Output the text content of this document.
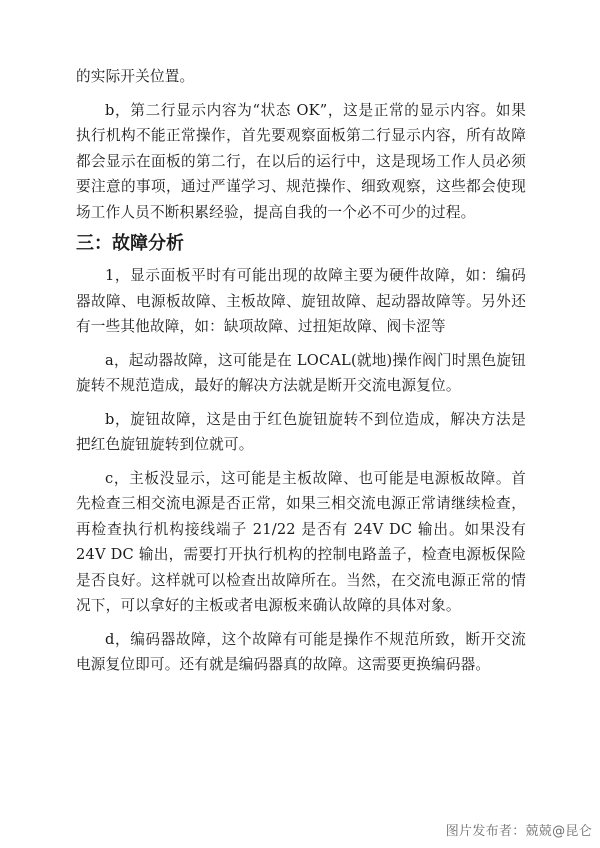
的实际开关位置。

b，第二行显示内容为“状态 OK”，这是正常的显示内容。如果执行机构不能正常操作，首先要观察面板第二行显示内容，所有故障都会显示在面板的第二行，在以后的运行中，这是现场工作人员必须要注意的事项，通过严谨学习、规范操作、细致观察，这些都会使现场工作人员不断积累经验，提高自我的一个必不可少的过程。

三：故障分析

1，显示面板平时有可能出现的故障主要为硬件故障，如：编码器故障、电源板故障、主板故障、旋钮故障、起动器故障等。另外还有一些其他故障，如：缺项故障、过扭矩故障、阀卡涩等

a，起动器故障，这可能是在 LOCAL(就地)操作阀门时黑色旋钮旋转不规范造成，最好的解决方法就是断开交流电源复位。

b，旋钮故障，这是由于红色旋钮旋转不到位造成，解决方法是把红色旋钮旋转到位就可。

c，主板没显示，这可能是主板故障、也可能是电源板故障。首先检查三相交流电源是否正常，如果三相交流电源正常请继续检查，再检查执行机构接线端子 21/22 是否有 24V DC 输出。如果没有 24V DC 输出，需要打开执行机构的控制电路盖子，检查电源板保险是否良好。这样就可以检查出故障所在。当然，在交流电源正常的情况下，可以拿好的主板或者电源板来确认故障的具体对象。

d，编码器故障，这个故障有可能是操作不规范所致，断开交流电源复位即可。还有就是编码器真的故障。这需要更换编码器。

图片发布者：兢兢@昆仑
